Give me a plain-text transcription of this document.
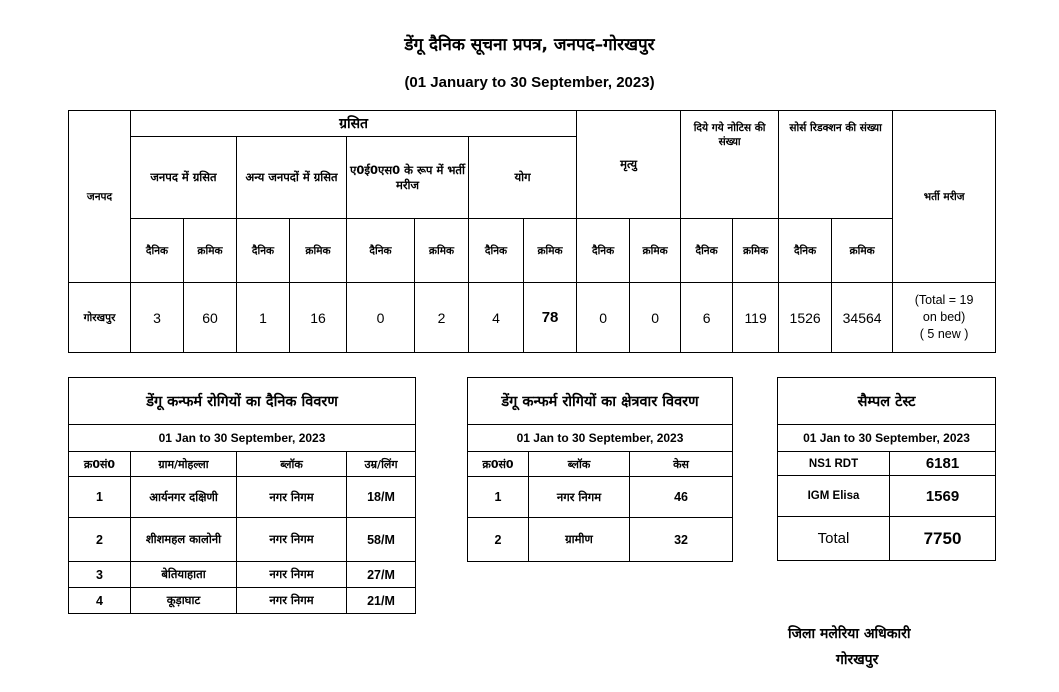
डेंगू दैनिक सूचना प्रपत्र, जनपद–गोरखपुर
(01 January to 30 September, 2023)
जनपद	ग्रसित								मृत्यु		दिये गये नोटिस की संख्या		सोर्स रिडक्शन की संख्या		भर्ती मरीज
	जनपद में ग्रसित		अन्य जनपदों में ग्रसित		ए0ई0एस0 के रूप में भर्ती मरीज		योग								
	दैनिक	क्रमिक	दैनिक	क्रमिक	दैनिक	क्रमिक	दैनिक	क्रमिक	दैनिक	क्रमिक	दैनिक	क्रमिक	दैनिक	क्रमिक	
गोरखपुर	3	60	1	16	0	2	4	78	0	0	6	119	1526	34564	(Total = 19
on bed)
( 5 new )
डेंगू कन्फर्म रोगियों का दैनिक विवरण			
01 Jan to 30 September, 2023			
क्र0सं0	ग्राम/मोहल्ला	ब्लॉक	उम्र/लिंग
1	आर्यनगर दक्षिणी	नगर निगम	18/M
2	शीशमहल कालोनी	नगर निगम	58/M
3	बेतियाहाता	नगर निगम	27/M
4	कूड़ाघाट	नगर निगम	21/M
डेंगू कन्फर्म रोगियों का क्षेत्रवार विवरण		
01 Jan to 30 September, 2023		
क्र0सं0	ब्लॉक	केस
1	नगर निगम	46
2	ग्रामीण	32
सैम्पल टेस्ट	
01 Jan to 30 September, 2023	
NS1 RDT	6181
IGM Elisa	1569
Total	7750
जिला मलेरिया अधिकारी
गोरखपुर
